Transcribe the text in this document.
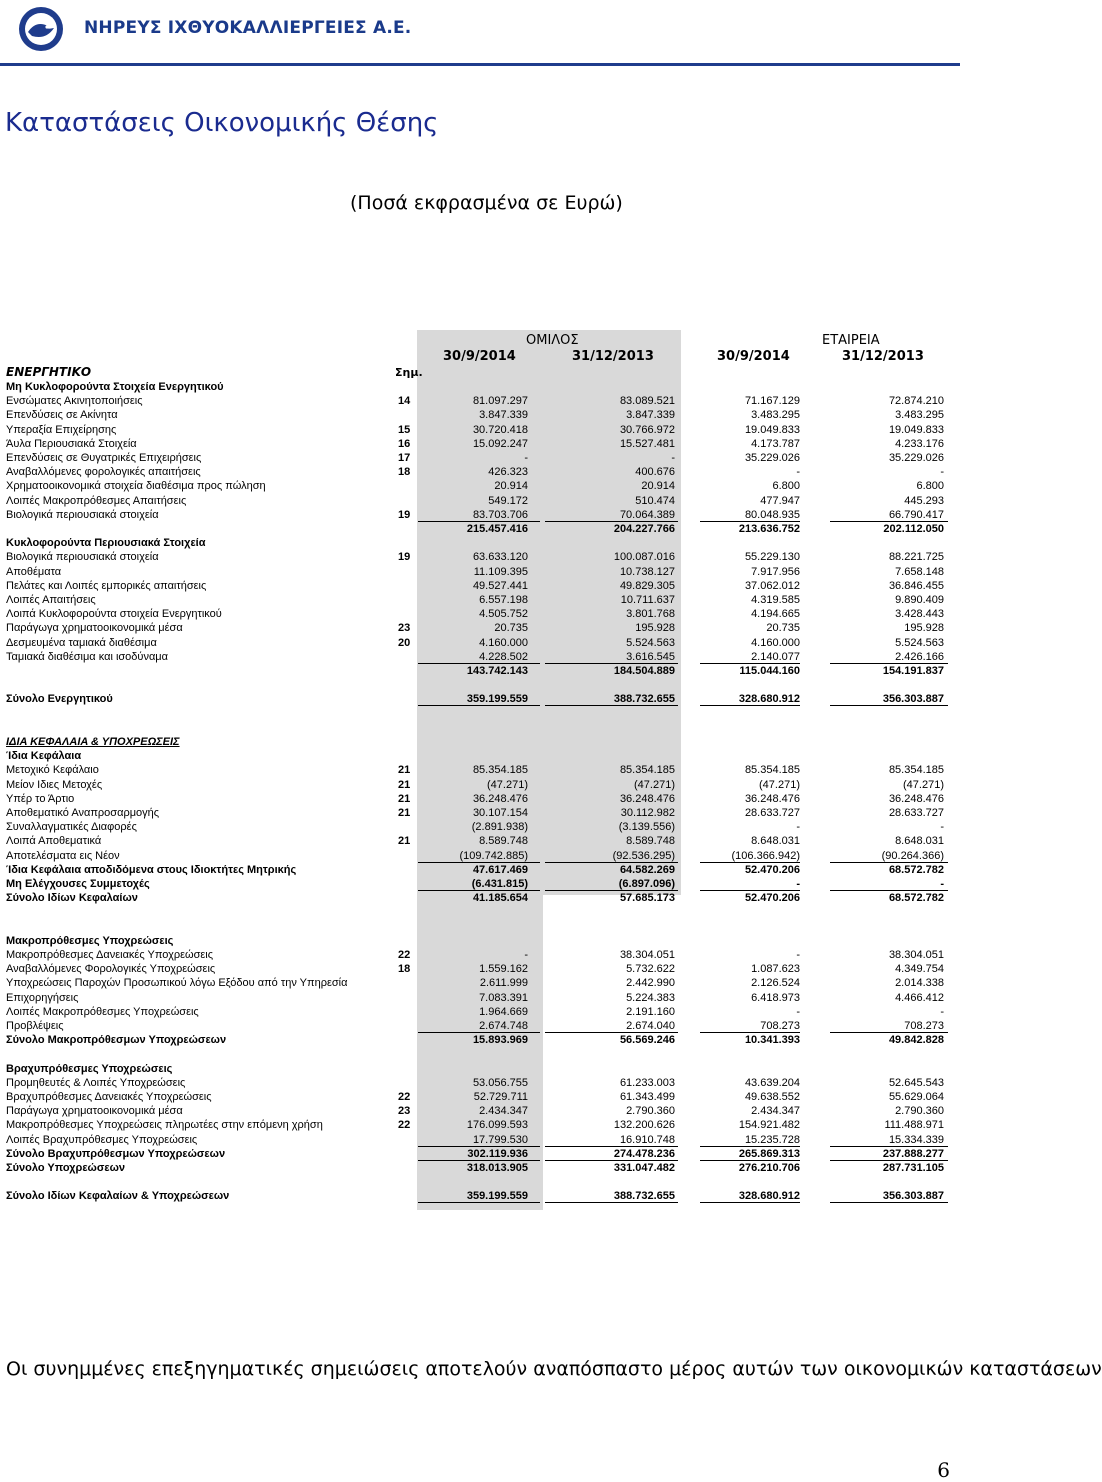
ΝΗΡΕΥΣ ΙΧΘΥΟΚΑΛΛΙΕΡΓΕΙΕΣ Α.Ε.
Καταστάσεις Οικονομικής Θέσης
(Ποσά εκφρασμένα σε Ευρώ)
ΟΜΙΛΟΣ	ΕΤΑΙΡΕΙΑ
30/9/2014	31/12/2013	30/9/2014	31/12/2013
ΕΝΕΡΓΗΤΙΚΟ	Σημ.
Μη Κυκλοφορούντα Στοιχεία Ενεργητικού
Ενσώματες Ακινητοποιήσεις	14	81.097.297	83.089.521	71.167.129	72.874.210
Επενδύσεις σε Ακίνητα	3.847.339	3.847.339	3.483.295	3.483.295
Υπεραξία Επιχείρησης	15	30.720.418	30.766.972	19.049.833	19.049.833
Άυλα Περιουσιακά Στοιχεία	16	15.092.247	15.527.481	4.173.787	4.233.176
Επενδύσεις σε Θυγατρικές Επιχειρήσεις	17	-	-	35.229.026	35.229.026
Αναβαλλόμενες φορολογικές απαιτήσεις	18	426.323	400.676	-	-
Χρηματοοικονομικά στοιχεία διαθέσιμα προς πώληση	20.914	20.914	6.800	6.800
Λοιπές Μακροπρόθεσμες Απαιτήσεις	549.172	510.474	477.947	445.293
Βιολογικά περιουσιακά στοιχεία	19	83.703.706	70.064.389	80.048.935	66.790.417
215.457.416	204.227.766	213.636.752	202.112.050
Κυκλοφορούντα Περιουσιακά Στοιχεία
Βιολογικά περιουσιακά στοιχεία	19	63.633.120	100.087.016	55.229.130	88.221.725
Αποθέματα	11.109.395	10.738.127	7.917.956	7.658.148
Πελάτες και Λοιπές εμπορικές απαιτήσεις	49.527.441	49.829.305	37.062.012	36.846.455
Λοιπές Απαιτήσεις	6.557.198	10.711.637	4.319.585	9.890.409
Λοιπά Κυκλοφορούντα στοιχεία Ενεργητικού	4.505.752	3.801.768	4.194.665	3.428.443
Παράγωγα χρηματοοικονομικά μέσα	23	20.735	195.928	20.735	195.928
Δεσμευμένα ταμιακά διαθέσιμα	20	4.160.000	5.524.563	4.160.000	5.524.563
Ταμιακά διαθέσιμα και ισοδύναμα	4.228.502	3.616.545	2.140.077	2.426.166
143.742.143	184.504.889	115.044.160	154.191.837
Σύνολο Ενεργητικού	359.199.559	388.732.655	328.680.912	356.303.887
ΙΔΙΑ ΚΕΦΑΛΑΙΑ & ΥΠΟΧΡΕΩΣΕΙΣ
Ίδια Κεφάλαια
Μετοχικό Κεφάλαιο	21	85.354.185	85.354.185	85.354.185	85.354.185
Μείον Ιδιες Μετοχές	21	(47.271)	(47.271)	(47.271)	(47.271)
Υπέρ το Άρτιο	21	36.248.476	36.248.476	36.248.476	36.248.476
Αποθεματικό Αναπροσαρμογής	21	30.107.154	30.112.982	28.633.727	28.633.727
Συναλλαγματικές Διαφορές	(2.891.938)	(3.139.556)	-	-
Λοιπά Αποθεματικά	21	8.589.748	8.589.748	8.648.031	8.648.031
Αποτελέσματα εις Νέον	(109.742.885)	(92.536.295)	(106.366.942)	(90.264.366)
Ίδια Κεφάλαια αποδιδόμενα στους Ιδιοκτήτες Μητρικής	47.617.469	64.582.269	52.470.206	68.572.782
Μη Ελέγχουσες Συμμετοχές	(6.431.815)	(6.897.096)	-	-
Σύνολο Ιδίων Κεφαλαίων	41.185.654	57.685.173	52.470.206	68.572.782
Μακροπρόθεσμες Υποχρεώσεις
Μακροπρόθεσμες Δανειακές Υποχρεώσεις	22	-	38.304.051	-	38.304.051
Αναβαλλόμενες Φορολογικές Υποχρεώσεις	18	1.559.162	5.732.622	1.087.623	4.349.754
Υποχρεώσεις Παροχών Προσωπικού λόγω Εξόδου από την Υπηρεσία	2.611.999	2.442.990	2.126.524	2.014.338
Επιχορηγήσεις	7.083.391	5.224.383	6.418.973	4.466.412
Λοιπές Μακροπρόθεσμες Υποχρεώσεις	1.964.669	2.191.160	-	-
Προβλέψεις	2.674.748	2.674.040	708.273	708.273
Σύνολο Μακροπρόθεσμων Υποχρεώσεων	15.893.969	56.569.246	10.341.393	49.842.828
Βραχυπρόθεσμες Υποχρεώσεις
Προμηθευτές & Λοιπές Υποχρεώσεις	53.056.755	61.233.003	43.639.204	52.645.543
Βραχυπρόθεσμες Δανειακές Υποχρεώσεις	22	52.729.711	61.343.499	49.638.552	55.629.064
Παράγωγα χρηματοοικονομικά μέσα	23	2.434.347	2.790.360	2.434.347	2.790.360
Μακροπρόθεσμες Υποχρεώσεις πληρωτέες στην επόμενη χρήση	22	176.099.593	132.200.626	154.921.482	111.488.971
Λοιπές Βραχυπρόθεσμες Υποχρεώσεις	17.799.530	16.910.748	15.235.728	15.334.339
Σύνολο Βραχυπρόθεσμων Υποχρεώσεων	302.119.936	274.478.236	265.869.313	237.888.277
Σύνολο Υποχρεώσεων	318.013.905	331.047.482	276.210.706	287.731.105
Σύνολο Ιδίων Κεφαλαίων & Υποχρεώσεων	359.199.559	388.732.655	328.680.912	356.303.887
Οι συνημμένες επεξηγηματικές σημειώσεις αποτελούν αναπόσπαστο μέρος αυτών των οικονομικών καταστάσεων
6
